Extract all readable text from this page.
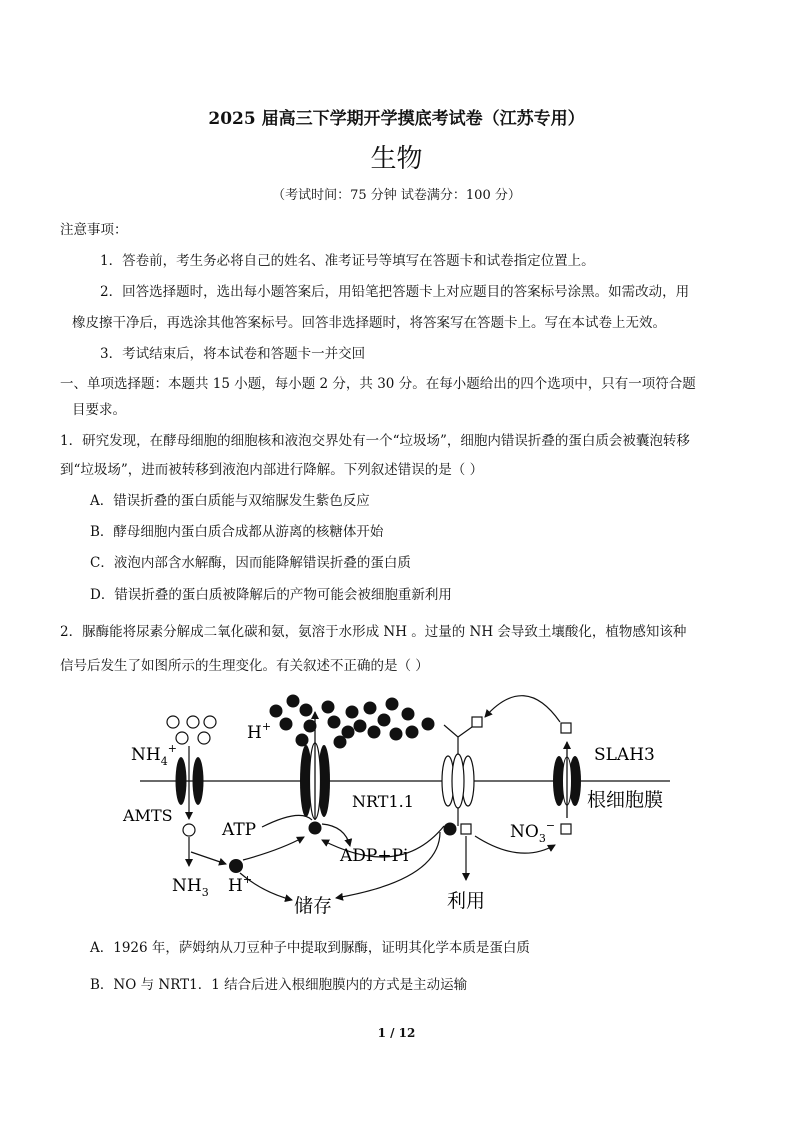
2025 届高三下学期开学摸底考试卷（江苏专用）
生物
（考试时间：75 分钟 试卷满分：100 分）
注意事项：
1．答卷前，考生务必将自己的姓名、准考证号等填写在答题卡和试卷指定位置上。
2．回答选择题时，选出每小题答案后，用铅笔把答题卡上对应题目的答案标号涂黑。如需改动，用
橡皮擦干净后，再选涂其他答案标号。回答非选择题时，将答案写在答题卡上。写在本试卷上无效。
3．考试结束后，将本试卷和答题卡一并交回
一、单项选择题：本题共 15 小题，每小题 2 分，共 30 分。在每小题给出的四个选项中，只有一项符合题
目要求。
1．研究发现，在酵母细胞的细胞核和液泡交界处有一个“垃圾场”，细胞内错误折叠的蛋白质会被囊泡转移
到“垃圾场”，进而被转移到液泡内部进行降解。下列叙述错误的是（ ）
A．错误折叠的蛋白质能与双缩脲发生紫色反应
B．酵母细胞内蛋白质合成都从游离的核糖体开始
C．液泡内部含水解酶，因而能降解错误折叠的蛋白质
D．错误折叠的蛋白质被降解后的产物可能会被细胞重新利用
2．脲酶能将尿素分解成二氧化碳和氨，氨溶于水形成 NH 。过量的 NH 会导致土壤酸化，植物感知该种
信号后发生了如图所示的生理变化。有关叙述不正确的是（ ）
$NH_4^+$
H+
AMTS
ATP
ADP+Pi
NRT1.1
SLAH3
根细胞膜
$NO_3^-$
$NH_3$ H+
储存	利用
A．1926 年，萨姆纳从刀豆种子中提取到脲酶，证明其化学本质是蛋白质
B．NO 与 NRT1．1 结合后进入根细胞膜内的方式是主动运输
1 / 12
